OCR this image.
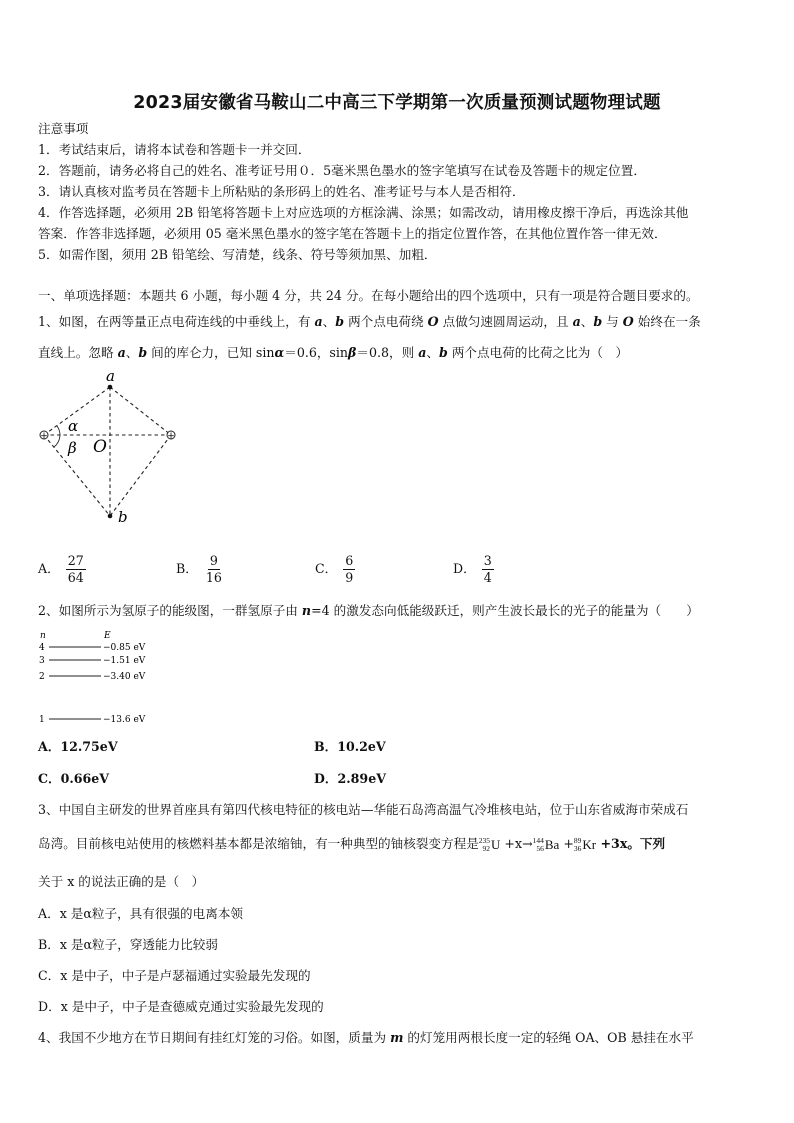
2023届安徽省马鞍山二中高三下学期第一次质量预测试题物理试题
注意事项
1．考试结束后，请将本试卷和答题卡一并交回．
2．答题前，请务必将自己的姓名、准考证号用０．5毫米黑色墨水的签字笔填写在试卷及答题卡的规定位置．
3．请认真核对监考员在答题卡上所粘贴的条形码上的姓名、准考证号与本人是否相符．
4．作答选择题，必须用 2B 铅笔将答题卡上对应选项的方框涂满、涂黑；如需改动，请用橡皮擦干净后，再选涂其他
答案．作答非选择题，必须用 05 毫米黑色墨水的签字笔在答题卡上的指定位置作答，在其他位置作答一律无效．
5．如需作图，须用 2B 铅笔绘、写清楚，线条、符号等须加黑、加粗．
一、单项选择题：本题共 6 小题，每小题 4 分，共 24 分。在每小题给出的四个选项中，只有一项是符合题目要求的。
1、如图，在两等量正点电荷连线的中垂线上，有 a、b 两个点电荷绕 O 点做匀速圆周运动，且 a、b 与 O 始终在一条
直线上。忽略 a、b 间的库仑力，已知 sinα＝0.6，sinβ＝0.8，则 a、b 两个点电荷的比荷之比为（　）
+	+
a
b
O
α
β
A． $\frac{27}{64}$	B． $\frac{9}{16}$	C． $\frac{6}{9}$	D． $\frac{3}{4}$
2、如图所示为氢原子的能级图，一群氢原子由 n=4 的激发态向低能级跃迁，则产生波长最长的光子的能量为（　　）
n	E
4	−0.85 eV
3	−1.51 eV
2	−3.40 eV
1	−13.6 eV
A．12.75eV	B．10.2eV
C．0.66eV	D．2.89eV
3、中国自主研发的世界首座具有第四代核电特征的核电站—华能石岛湾高温气冷堆核电站，位于山东省威海市荣成石
岛湾。目前核电站使用的核燃料基本都是浓缩铀，有一种典型的铀核裂变方程是 235
92 U +x→ 144
56 Ba + 89
36 Kr +3x。下列
关于 x 的说法正确的是（　）
A．x 是α粒子，具有很强的电离本领
B．x 是α粒子，穿透能力比较弱
C．x 是中子，中子是卢瑟福通过实验最先发现的
D．x 是中子，中子是查德威克通过实验最先发现的
4、我国不少地方在节日期间有挂红灯笼的习俗。如图，质量为 m 的灯笼用两根长度一定的轻绳 OA、OB 悬挂在水平
